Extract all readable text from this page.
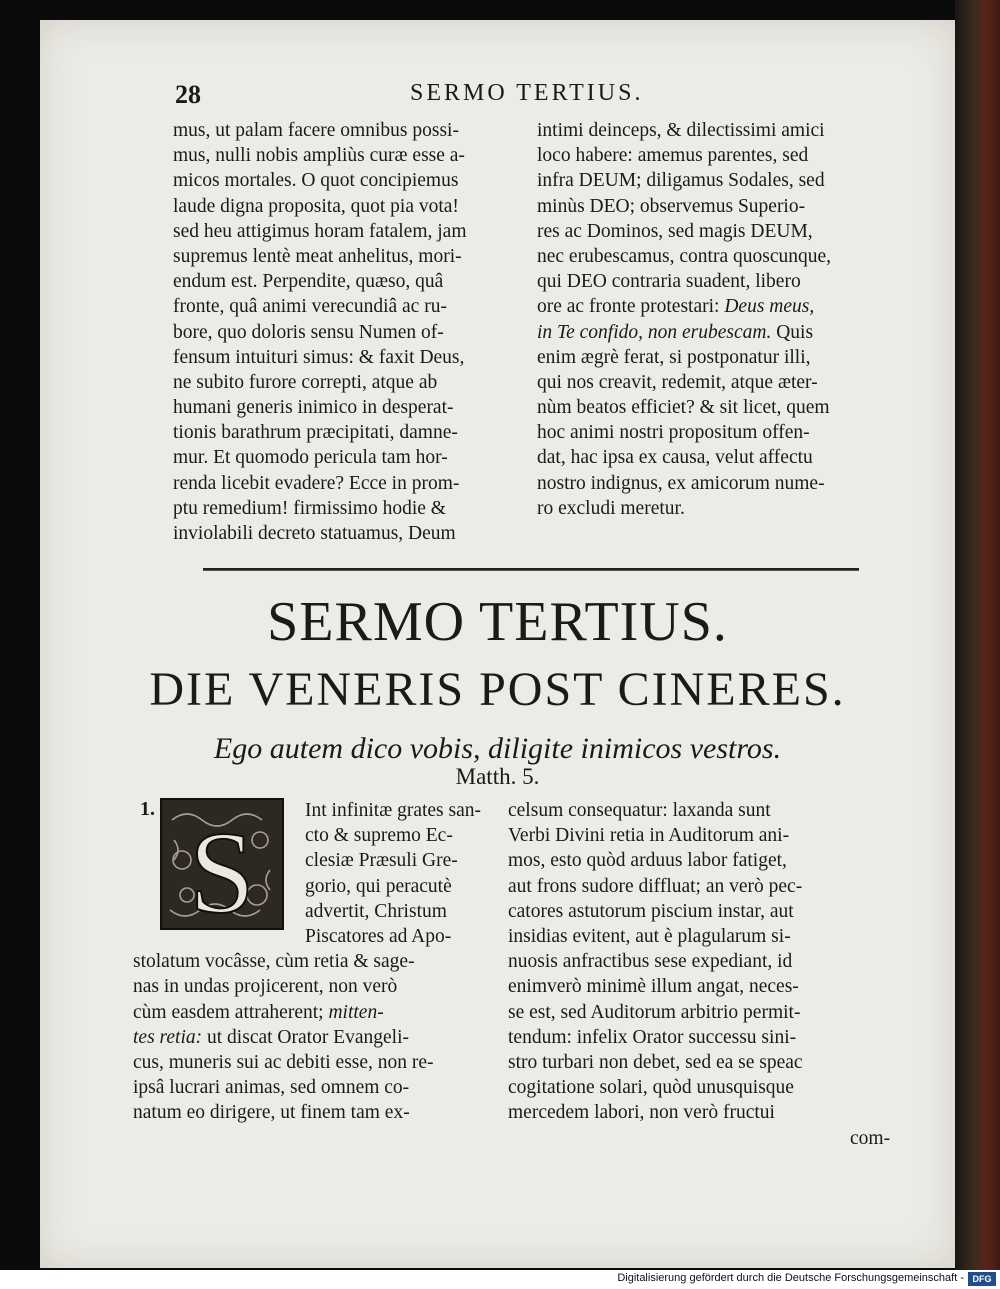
28	SERMO TERTIUS.
mus, ut palam facere omnibus possi-
mus, nulli nobis ampliùs curæ esse a-
micos mortales. O quot concipiemus
laude digna proposita, quot pia vota!
sed heu attigimus horam fatalem, jam
supremus lentè meat anhelitus, mori-
endum est. Perpendite, quæso, quâ
fronte, quâ animi verecundiâ ac ru-
bore, quo doloris sensu Numen of-
fensum intuituri simus: & faxit Deus,
ne subito furore correpti, atque ab
humani generis inimico in desperat-
tionis barathrum præcipitati, damne-
mur. Et quomodo pericula tam hor-
renda licebit evadere? Ecce in prom-
ptu remedium! firmissimo hodie &
inviolabili decreto statuamus, Deum
intimi deinceps, & dilectissimi amici
loco habere: amemus parentes, sed
infra DEUM; diligamus Sodales, sed
minùs DEO; observemus Superio-
res ac Dominos, sed magis DEUM,
nec erubescamus, contra quoscunque,
qui DEO contraria suadent, libero
ore ac fronte protestari: Deus meus,
in Te confido, non erubescam. Quis
enim ægrè ferat, si postponatur illi,
qui nos creavit, redemit, atque æter-
nùm beatos efficiet? & sit licet, quem
hoc animi nostri propositum offen-
dat, hac ipsa ex causa, velut affectu
nostro indignus, ex amicorum nume-
ro excludi meretur.
SERMO TERTIUS.
DIE VENERIS POST CINERES.
Ego autem dico vobis, diligite inimicos vestros.
Matth. 5.
1. S	Int infinitæ grates san-
cto & supremo Ec-
clesiæ Præsuli Gre-
gorio, qui peracutè
advertit, Christum
Piscatores ad Apo-
stolatum vocâsse, cùm retia & sage-
nas in undas projicerent, non verò
cùm easdem attraherent; mitten-
tes retia: ut discat Orator Evangeli-
cus, muneris sui ac debiti esse, non re-
ipsâ lucrari animas, sed omnem co-
natum eo dirigere, ut finem tam ex-
celsum consequatur: laxanda sunt
Verbi Divini retia in Auditorum ani-
mos, esto quòd arduus labor fatiget,
aut frons sudore diffluat; an verò pec-
catores astutorum piscium instar, aut
insidias evitent, aut è plagularum si-
nuosis anfractibus sese expediant, id
enimverò minimè illum angat, neces-
se est, sed Auditorum arbitrio permit-
tendum: infelix Orator successu sini-
stro turbari non debet, sed ea se speac
cogitatione solari, quòd unusquisque
mercedem labori, non verò fructui
com-
Digitalisierung gefördert durch die Deutsche Forschungsgemeinschaft - DFG
